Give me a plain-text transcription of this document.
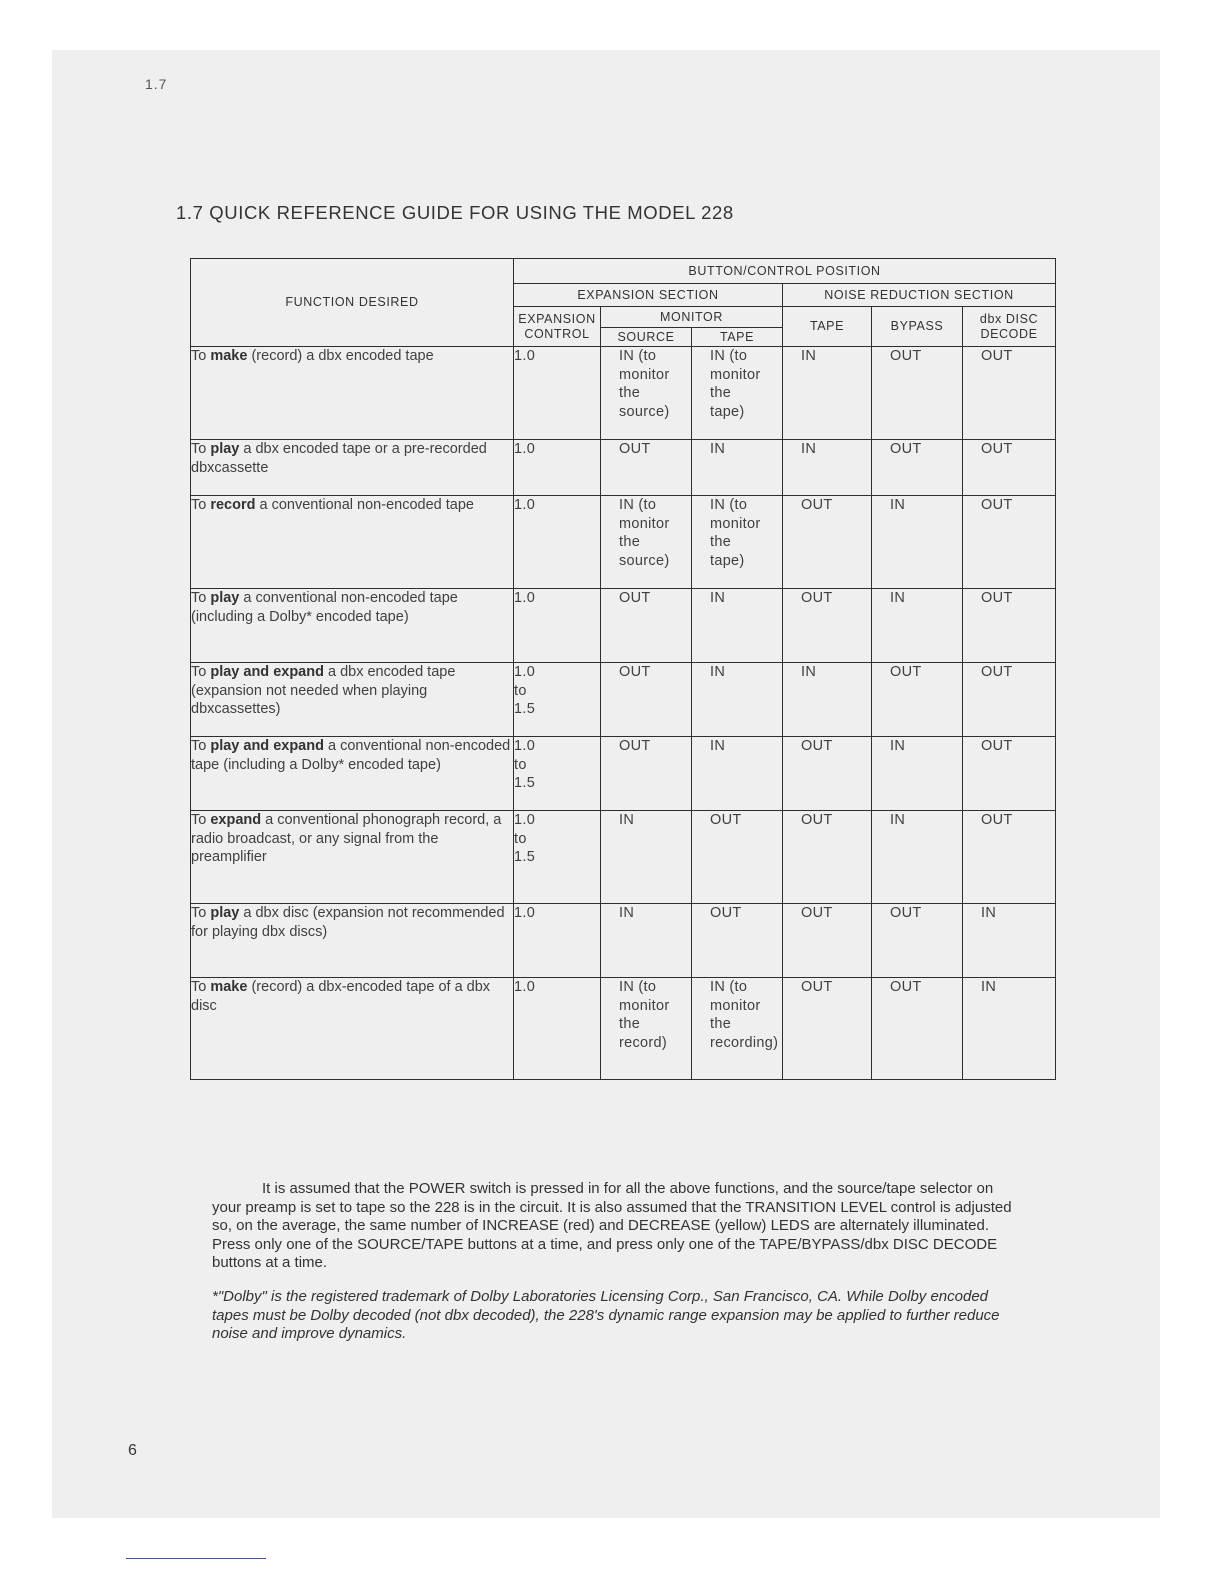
1.7
1.7 QUICK REFERENCE GUIDE FOR USING THE MODEL 228
FUNCTION DESIRED	BUTTON/CONTROL POSITION					
	EXPANSION SECTION			NOISE REDUCTION SECTION		
	EXPANSION CONTROL	MONITOR		TAPE	BYPASS	dbx DISC DECODE
		SOURCE	TAPE			
To make (record) a dbx encoded tape	1.0	IN (to
monitor
the
source)	IN (to
monitor
the
tape)	IN	OUT	OUT

To play a dbx encoded tape or a pre-recorded dbxcassette	1.0	OUT	IN	IN	OUT	OUT

To record a conventional non-encoded tape	1.0	IN (to
monitor
the
source)	IN (to
monitor
the
tape)	OUT	IN	OUT

To play a conventional non-encoded tape (including a Dolby* encoded tape)	1.0	OUT	IN	OUT	IN	OUT

To play and expand a dbx encoded tape (expansion not needed when playing dbxcassettes)	1.0
to
1.5	OUT	IN	IN	OUT	OUT

To play and expand a conventional non-encoded tape (including a Dolby* encoded tape)	1.0
to
1.5	OUT	IN	OUT	IN	OUT

To expand a conventional phonograph record, a radio broadcast, or any signal from the preamplifier	1.0
to
1.5	IN	OUT	OUT	IN	OUT

To play a dbx disc (expansion not recommended for playing dbx discs)	1.0	IN	OUT	OUT	OUT	IN

To make (record) a dbx-encoded tape of a dbx disc	1.0	IN (to
monitor
the
record)	IN (to
monitor
the
recording)	OUT	OUT	IN

It is assumed that the POWER switch is pressed in for all the above functions, and the source/tape selector on your preamp is set to tape so the 228 is in the circuit. It is also assumed that the TRANSITION LEVEL control is adjusted so, on the average, the same number of INCREASE (red) and DECREASE (yellow) LEDS are alternately illuminated. Press only one of the SOURCE/TAPE buttons at a time, and press only one of the TAPE/BYPASS/dbx DISC DECODE buttons at a time.

*"Dolby" is the registered trademark of Dolby Laboratories Licensing Corp., San Francisco, CA. While Dolby encoded tapes must be Dolby decoded (not dbx decoded), the 228's dynamic range expansion may be applied to further reduce noise and improve dynamics.

6
